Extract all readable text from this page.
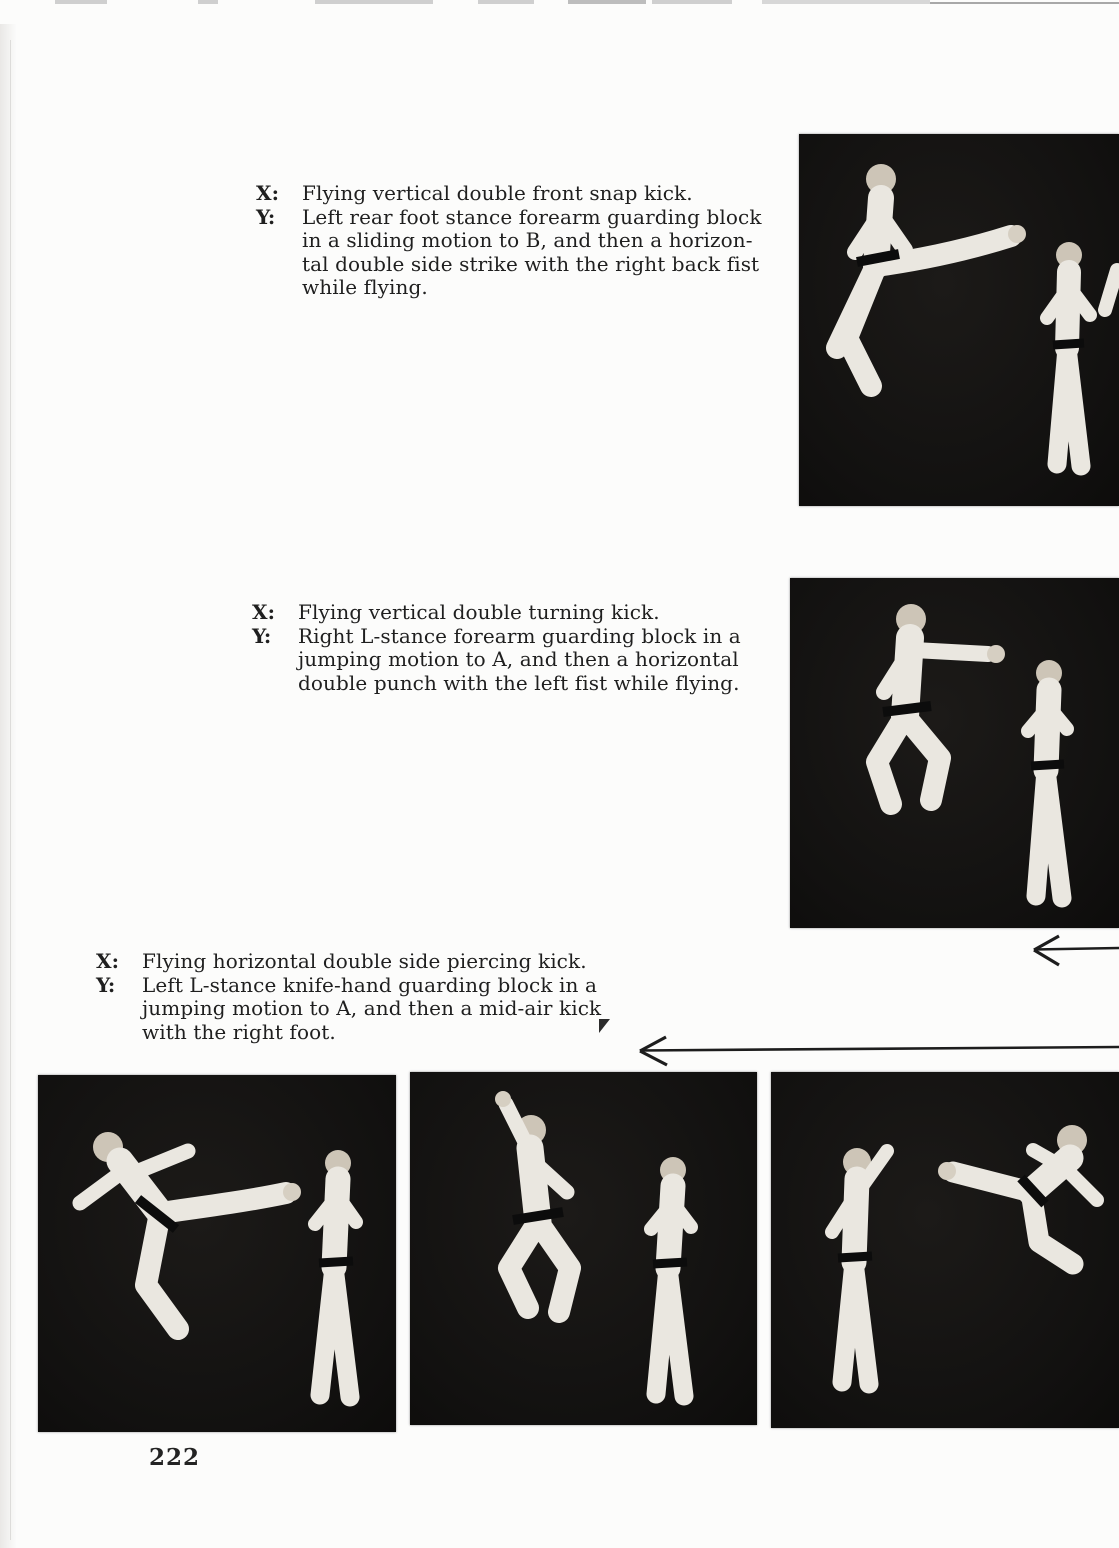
X:	Flying vertical double front snap kick.
Y:	Left rear foot stance forearm guarding block
in a sliding motion to B, and then a horizon-
tal double side strike with the right back fist
while flying.
X:	Flying vertical double turning kick.
Y:	Right L-stance forearm guarding block in a
jumping motion to A, and then a horizontal
double punch with the left fist while flying.
X:	Flying horizontal double side piercing kick.
Y:	Left L-stance knife-hand guarding block in a
jumping motion to A, and then a mid-air kick
with the right foot.
222
